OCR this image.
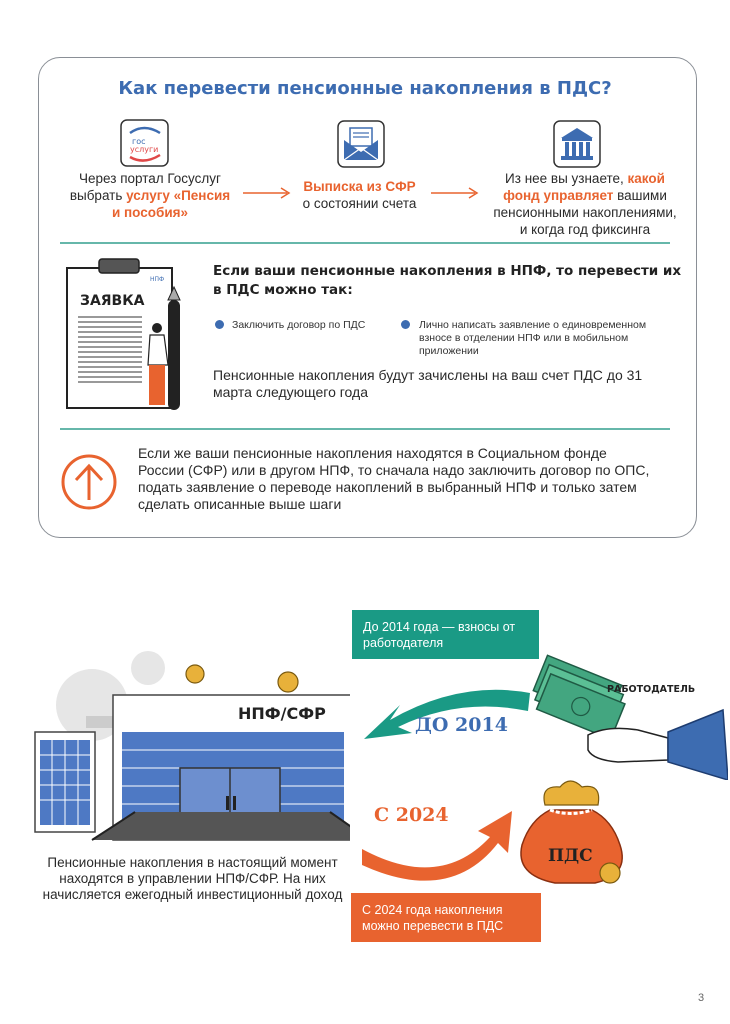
Как перевести пенсионные накопления в ПДС?
гос
услуги
Через портал Госуслуг
выбрать услугу «Пенсия
и пособия»
Выписка из СФР
о состоянии счета
Из нее вы узнаете, какой
фонд управляет вашими
пенсионными накоплениями,
и когда год фиксинга
НПФ
ЗАЯВКА
Если ваши пенсионные накопления в НПФ, то перевести их в ПДС можно так:
Заключить договор по ПДС	Лично написать заявление о единовременном взносе в отделении НПФ или в мобильном приложении
Пенсионные накопления будут зачислены на ваш счет ПДС до 31 марта следующего года
Если же ваши пенсионные накопления находятся в Социальном фонде России (СФР) или в другом НПФ, то сначала надо заключить договор по ОПС, подать заявление о переводе накоплений в выбранный НПФ и только затем сделать описанные выше шаги
НПФ/СФР
Пенсионные накопления в настоящий момент находятся в управлении НПФ/СФР. На них начисляется ежегодный инвестиционный доход
До 2014 года — взносы от работодателя
ДО 2014
С 2024
РАБОТОДАТЕЛЬ
ПДС
С 2024 года накопления можно перевести в ПДС
3
